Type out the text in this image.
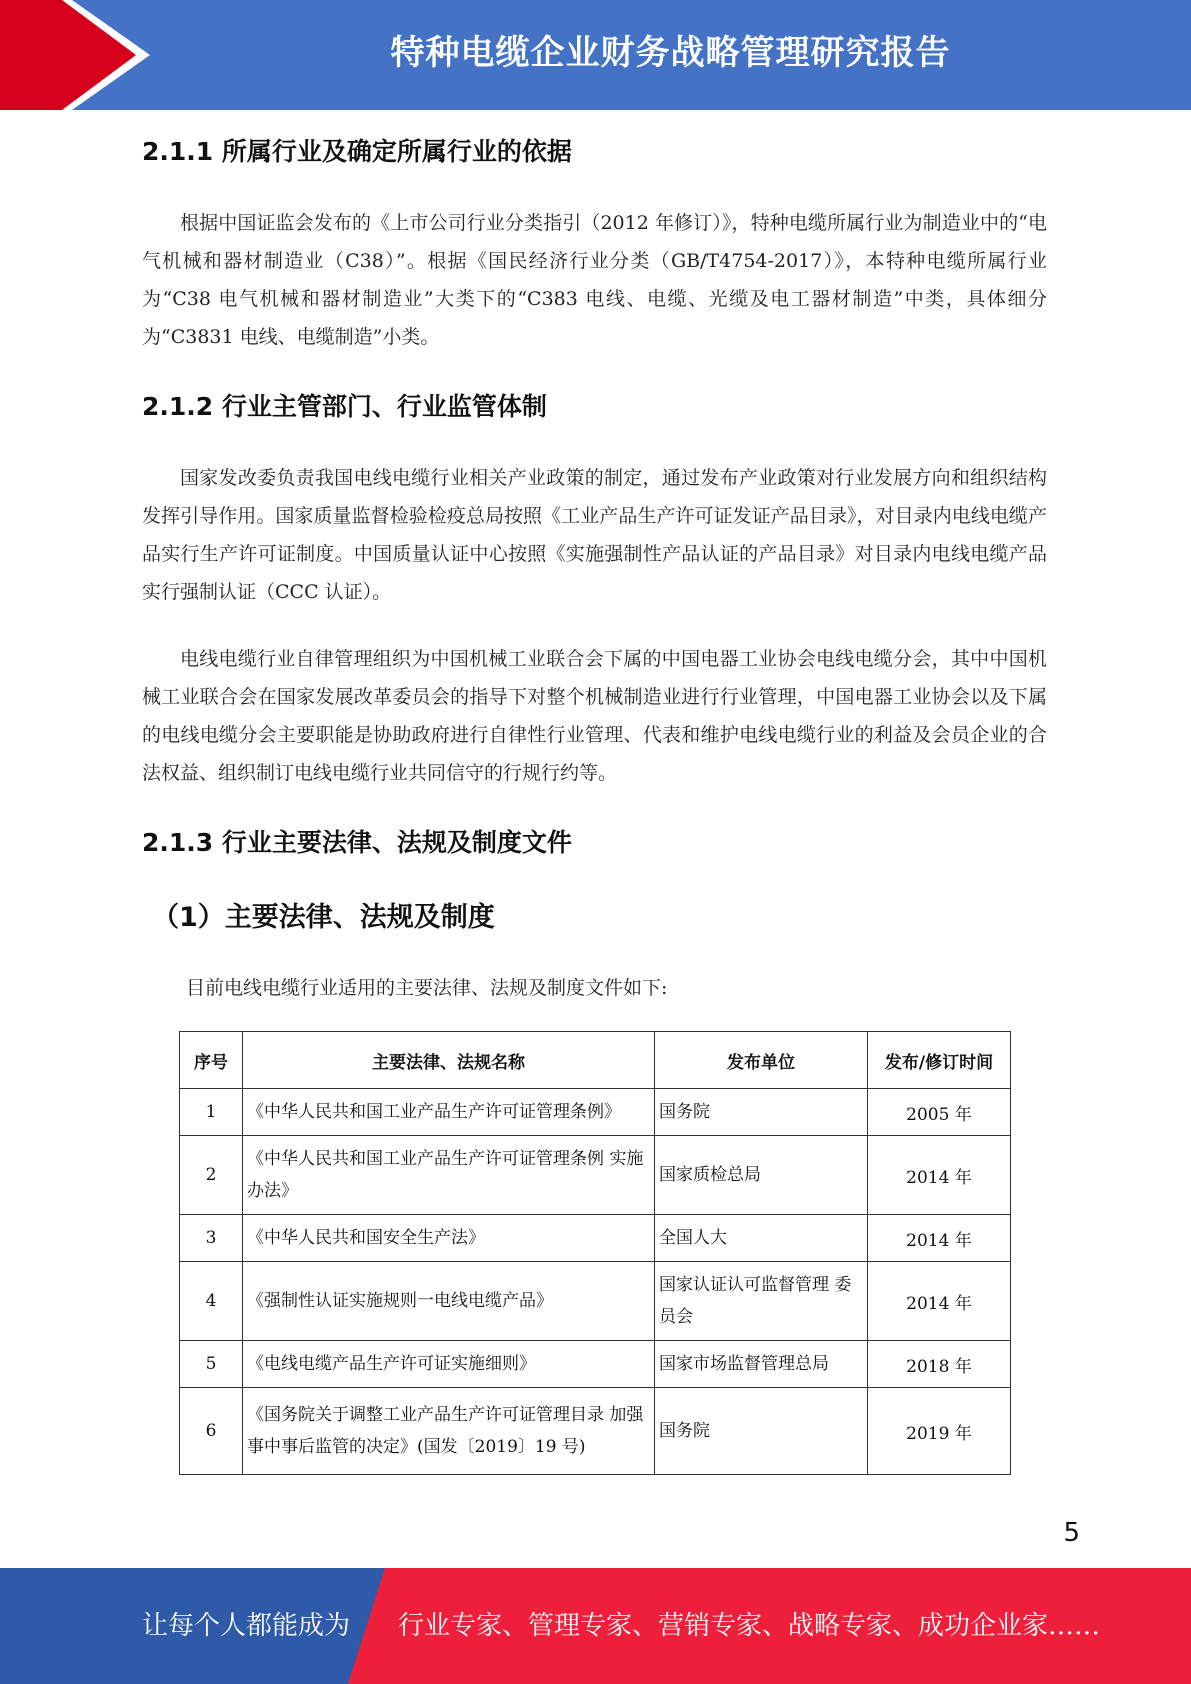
特种电缆企业财务战略管理研究报告
2.1.1 所属行业及确定所属行业的依据
根据中国证监会发布的《上市公司行业分类指引（2012 年修订）》，特种电缆所属行业为制造业中的“电气机械和器材制造业（C38）”。根据《国民经济行业分类（GB/T4754-2017）》，本特种电缆所属行业为“C38 电气机械和器材制造业”大类下的“C383 电线、电缆、光缆及电工器材制造”中类，具体细分为“C3831 电线、电缆制造”小类。
2.1.2 行业主管部门、行业监管体制
国家发改委负责我国电线电缆行业相关产业政策的制定，通过发布产业政策对行业发展方向和组织结构发挥引导作用。国家质量监督检验检疫总局按照《工业产品生产许可证发证产品目录》，对目录内电线电缆产品实行生产许可证制度。中国质量认证中心按照《实施强制性产品认证的产品目录》对目录内电线电缆产品实行强制认证（CCC 认证）。
电线电缆行业自律管理组织为中国机械工业联合会下属的中国电器工业协会电线电缆分会，其中中国机械工业联合会在国家发展改革委员会的指导下对整个机械制造业进行行业管理，中国电器工业协会以及下属的电线电缆分会主要职能是协助政府进行自律性行业管理、代表和维护电线电缆行业的利益及会员企业的合法权益、组织制订电线电缆行业共同信守的行规行约等。
2.1.3 行业主要法律、法规及制度文件
（1）主要法律、法规及制度
目前电线电缆行业适用的主要法律、法规及制度文件如下:
序号	主要法律、法规名称	发布单位	发布/修订时间
1	《中华人民共和国工业产品生产许可证管理条例》	国务院	2005 年
2	《中华人民共和国工业产品生产许可证管理条例 实施办法》	国家质检总局	2014 年
3	《中华人民共和国安全生产法》	全国人大	2014 年
4	《强制性认证实施规则一电线电缆产品》	国家认证认可监督管理 委员会	2014 年
5	《电线电缆产品生产许可证实施细则》	国家市场监督管理总局	2018 年
6	《国务院关于调整工业产品生产许可证管理目录 加强事中事后监管的决定》(国发〔2019〕19 号)	国务院	2019 年
5
让每个人都能成为 行业专家、管理专家、营销专家、战略专家、成功企业家……
